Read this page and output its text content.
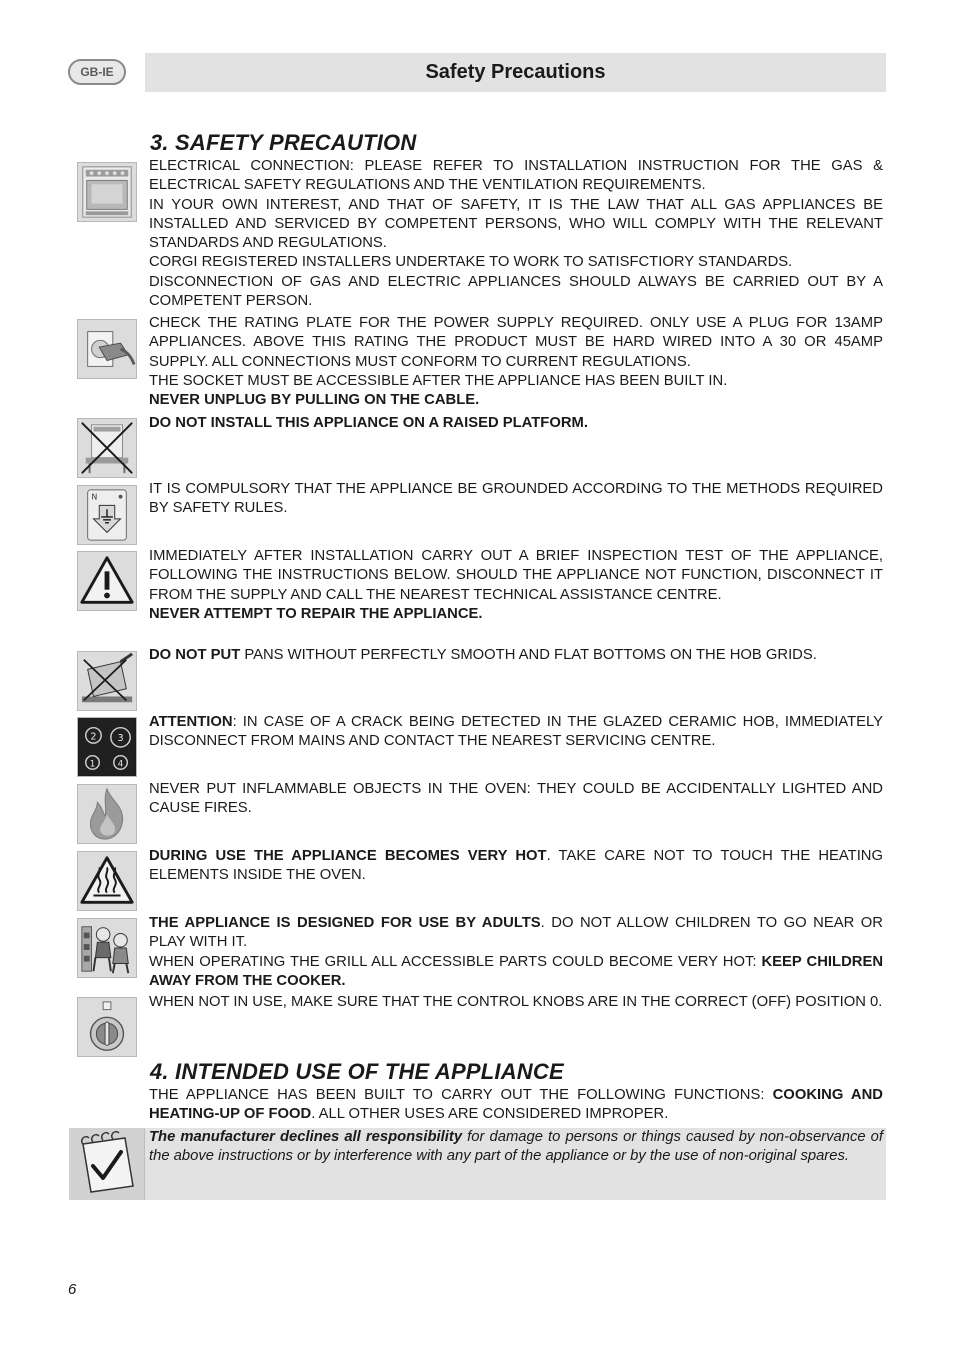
GB-IE	Safety Precautions
3. SAFETY PRECAUTION

ELECTRICAL CONNECTION: PLEASE REFER TO INSTALLATION INSTRUCTION FOR THE GAS & ELECTRICAL SAFETY REGULATIONS AND THE VENTILATION REQUIREMENTS.

IN YOUR OWN INTEREST, AND THAT OF SAFETY, IT IS THE LAW THAT ALL GAS APPLIANCES BE INSTALLED AND SERVICED BY COMPETENT PERSONS, WHO WILL COMPLY WITH THE RELEVANT STANDARDS AND REGULATIONS.

CORGI REGISTERED INSTALLERS UNDERTAKE TO WORK TO SATISFCTIORY STANDARDS.

DISCONNECTION OF GAS AND ELECTRIC APPLIANCES SHOULD ALWAYS BE CARRIED OUT BY A COMPETENT PERSON.

CHECK THE RATING PLATE FOR THE POWER SUPPLY REQUIRED. ONLY USE A PLUG FOR 13AMP APPLIANCES. ABOVE THIS RATING THE PRODUCT MUST BE HARD WIRED INTO A 30 OR 45AMP SUPPLY. ALL CONNECTIONS MUST CONFORM TO CURRENT REGULATIONS.

THE SOCKET MUST BE ACCESSIBLE AFTER THE APPLIANCE HAS BEEN BUILT IN.

NEVER UNPLUG BY PULLING ON THE CABLE.

DO NOT INSTALL THIS APPLIANCE ON A RAISED PLATFORM.

N

IT IS COMPULSORY THAT THE APPLIANCE BE GROUNDED ACCORDING TO THE METHODS REQUIRED BY SAFETY RULES.

IMMEDIATELY AFTER INSTALLATION CARRY OUT A BRIEF INSPECTION TEST OF THE APPLIANCE, FOLLOWING THE INSTRUCTIONS BELOW. SHOULD THE APPLIANCE NOT FUNCTION, DISCONNECT IT FROM THE SUPPLY AND CALL THE NEAREST TECHNICAL ASSISTANCE CENTRE.

NEVER ATTEMPT TO REPAIR THE APPLIANCE.

DO NOT PUT PANS WITHOUT PERFECTLY SMOOTH AND FLAT BOTTOMS ON THE HOB GRIDS.

2 3
1	4

ATTENTION: IN CASE OF A CRACK BEING DETECTED IN THE GLAZED CERAMIC HOB, IMMEDIATELY DISCONNECT FROM MAINS AND CONTACT THE NEAREST SERVICING CENTRE.

NEVER PUT INFLAMMABLE OBJECTS IN THE OVEN: THEY COULD BE ACCIDENTALLY LIGHTED AND CAUSE FIRES.

DURING USE THE APPLIANCE BECOMES VERY HOT. TAKE CARE NOT TO TOUCH THE HEATING ELEMENTS INSIDE THE OVEN.

THE APPLIANCE IS DESIGNED FOR USE BY ADULTS. DO NOT ALLOW CHILDREN TO GO NEAR OR PLAY WITH IT.

WHEN OPERATING THE GRILL ALL ACCESSIBLE PARTS COULD BECOME VERY HOT: KEEP CHILDREN AWAY FROM THE COOKER.

WHEN NOT IN USE, MAKE SURE THAT THE CONTROL KNOBS ARE IN THE CORRECT (OFF) POSITION 0.

4. INTENDED USE OF THE APPLIANCE

THE APPLIANCE HAS BEEN BUILT TO CARRY OUT THE FOLLOWING FUNCTIONS: COOKING AND HEATING-UP OF FOOD. ALL OTHER USES ARE CONSIDERED IMPROPER.

The manufacturer declines all responsibility for damage to persons or things caused by non-observance of the above instructions or by interference with any part of the appliance or by the use of non-original spares.
6
